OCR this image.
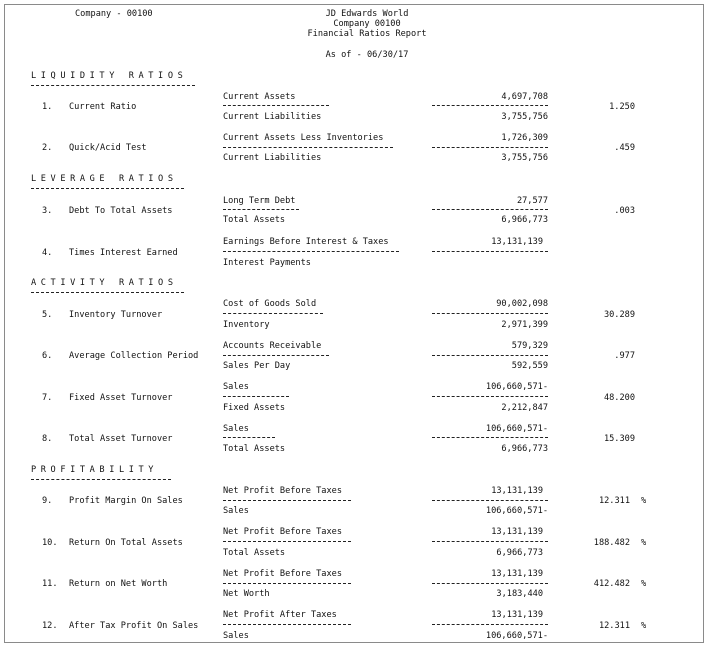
Company - 00100	JD Edwards World
Company 00100
Financial Ratios Report
As of - 06/30/17
LIQUIDITY RATIOS
1. Current Ratio
Current Assets
Current Liabilities
4,697,708
3,755,756
1.250
2. Quick/Acid Test
Current Assets Less Inventories
Current Liabilities
1,726,309
3,755,756
.459
LEVERAGE RATIOS
3. Debt To Total Assets
Long Term Debt
Total Assets
27,577
6,966,773
.003
4. Times Interest Earned
Earnings Before Interest & Taxes
Interest Payments
13,131,139
ACTIVITY RATIOS
5. Inventory Turnover
Cost of Goods Sold
Inventory
90,002,098
2,971,399
30.289
6. Average Collection Period
Accounts Receivable
Sales Per Day
579,329
592,559
.977
7. Fixed Asset Turnover
Sales
Fixed Assets
106,660,571-
2,212,847
48.200
8. Total Asset Turnover
Sales
Total Assets
106,660,571-
6,966,773
15.309
PROFITABILITY
9. Profit Margin On Sales
Net Profit Before Taxes
Sales
13,131,139
106,660,571-
12.311 %
10. Return On Total Assets
Net Profit Before Taxes
Total Assets
13,131,139
6,966,773
188.482 %
11. Return on Net Worth
Net Profit Before Taxes
Net Worth
13,131,139
3,183,440
412.482 %
12. After Tax Profit On Sales
Net Profit After Taxes
Sales
13,131,139
106,660,571-
12.311 %
